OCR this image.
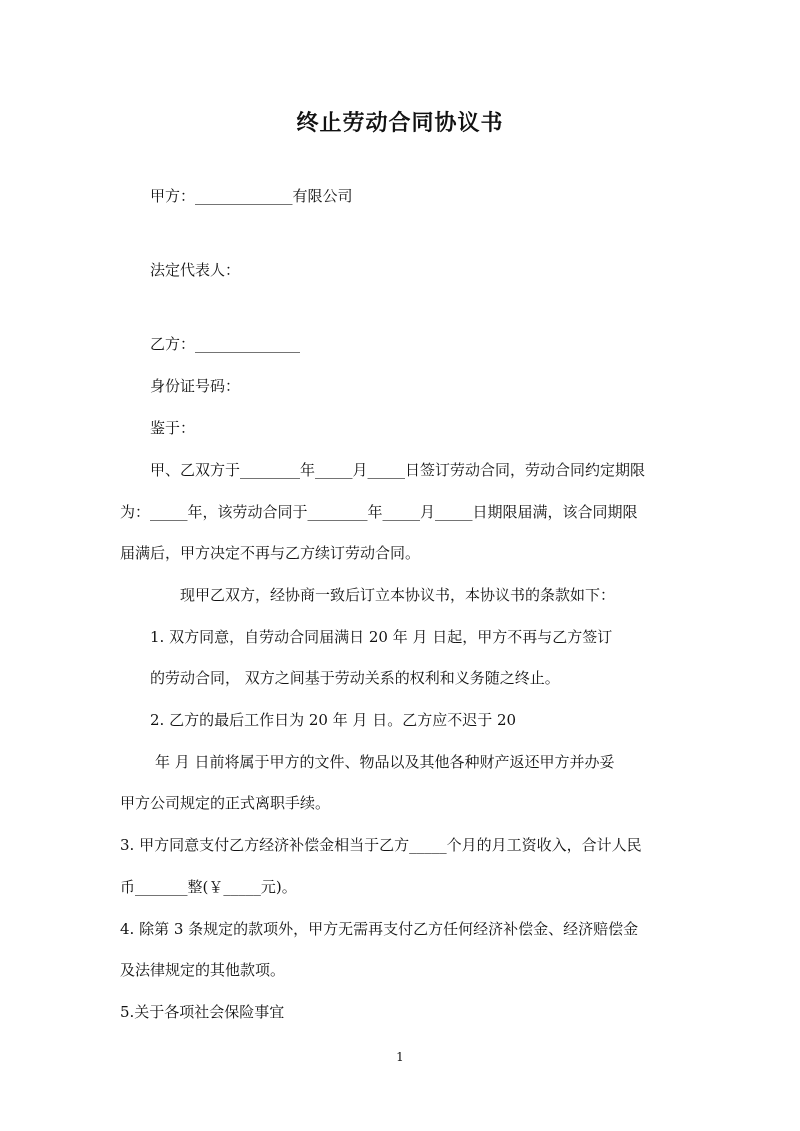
终止劳动合同协议书
甲方：_____________有限公司
法定代表人：
乙方：______________
身份证号码：
鉴于：
甲、乙双方于________年_____月_____日签订劳动合同，劳动合同约定期限
为：_____年，该劳动合同于________年_____月_____日期限届满，该合同期限
届满后，甲方决定不再与乙方续订劳动合同。
现甲乙双方，经协商一致后订立本协议书，本协议书的条款如下：
1. 双方同意，自劳动合同届满日 20 年 月 日起，甲方不再与乙方签订
的劳动合同， 双方之间基于劳动关系的权利和义务随之终止。
2. 乙方的最后工作日为 20 年 月 日。乙方应不迟于 20
年 月 日前将属于甲方的文件、物品以及其他各种财产返还甲方并办妥
甲方公司规定的正式离职手续。
3. 甲方同意支付乙方经济补偿金相当于乙方_____个月的月工资收入，合计人民
币_______整(￥_____元)。
4. 除第 3 条规定的款项外，甲方无需再支付乙方任何经济补偿金、经济赔偿金
及法律规定的其他款项。
5.关于各项社会保险事宜
1
